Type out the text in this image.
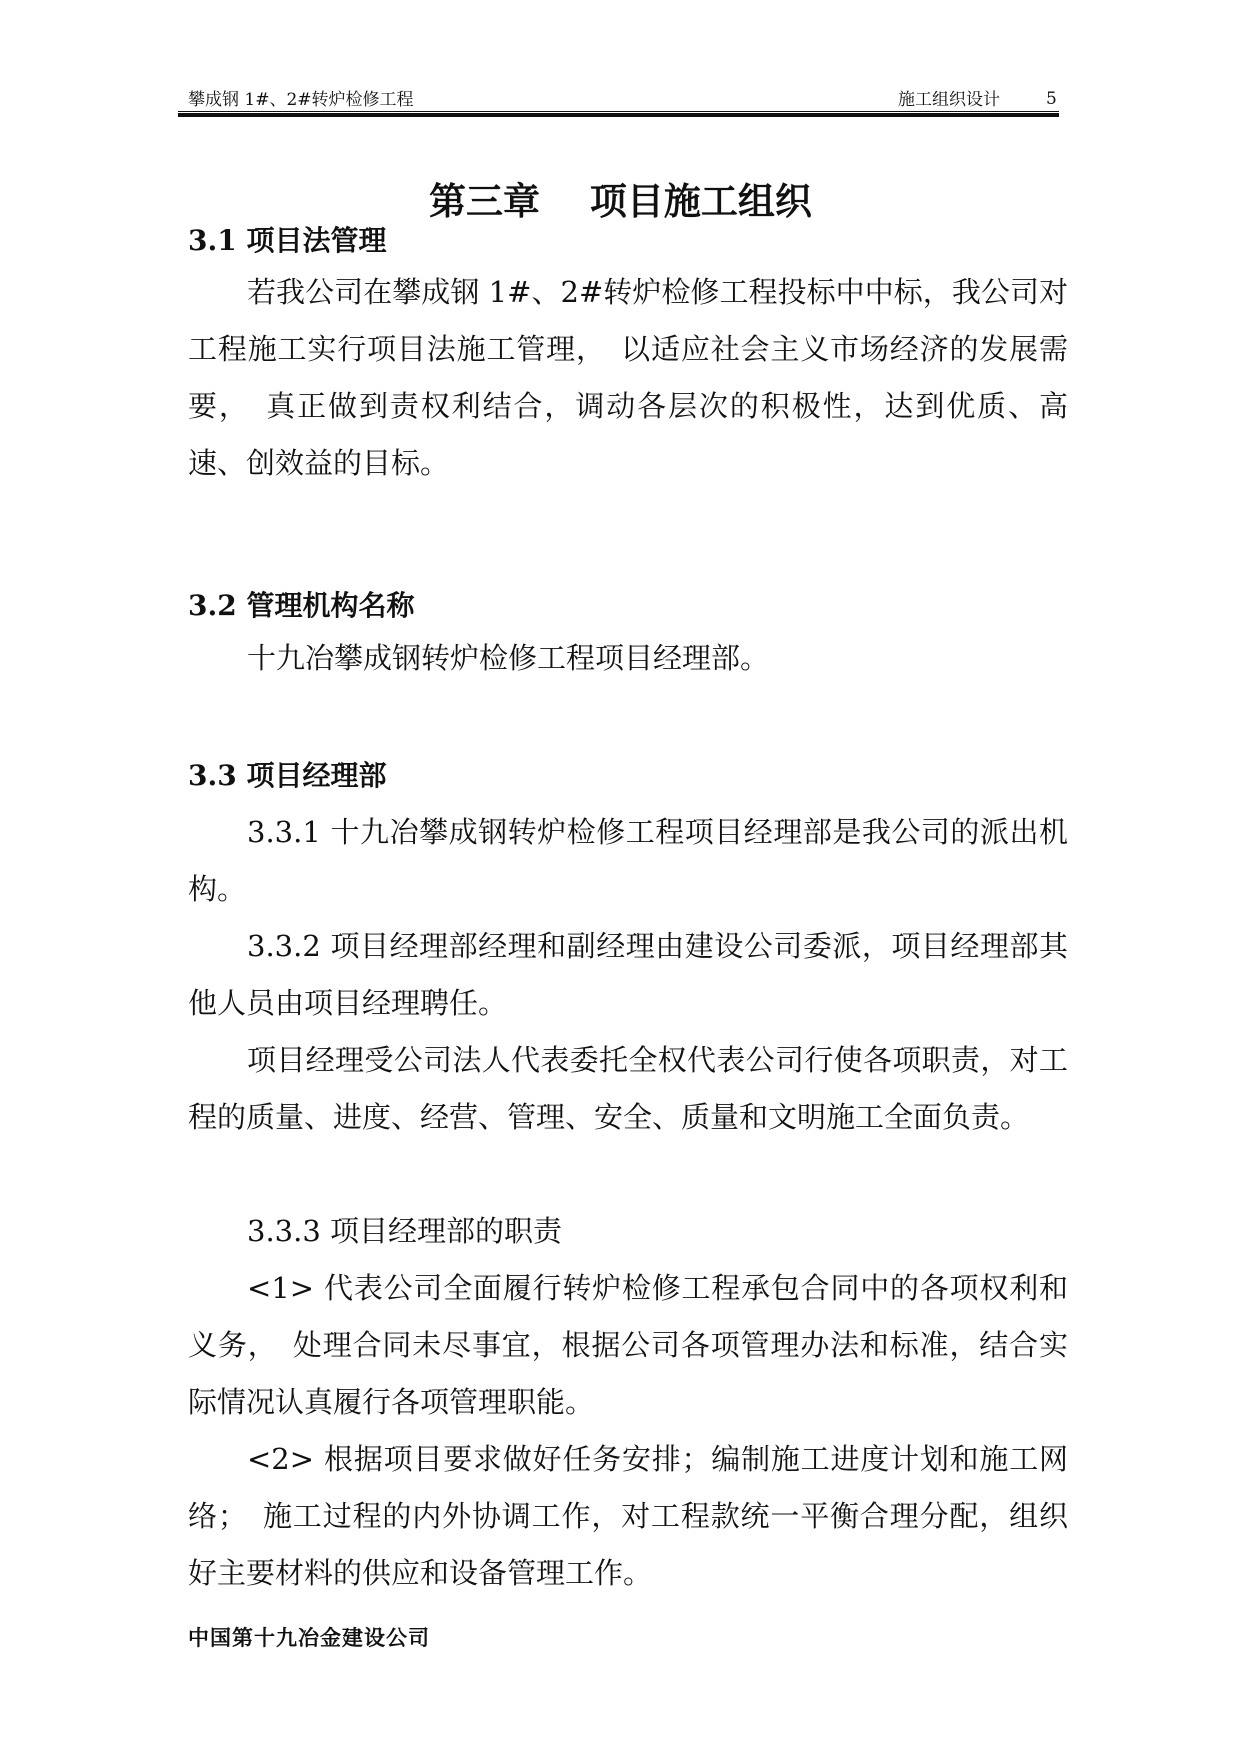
攀成钢 1#、2#转炉检修工程	施工组织设计	5
第三章　 项目施工组织
3.1 项目法管理

若我公司在攀成钢 1#、2#转炉检修工程投标中中标，我公司对工程施工实行项目法施工管理，　以适应社会主义市场经济的发展需要，　真正做到责权利结合，调动各层次的积极性，达到优质、高速、创效益的目标。

3.2 管理机构名称

十九冶攀成钢转炉检修工程项目经理部。

3.3 项目经理部

3.3.1 十九冶攀成钢转炉检修工程项目经理部是我公司的派出机构。

3.3.2 项目经理部经理和副经理由建设公司委派，项目经理部其他人员由项目经理聘任。

项目经理受公司法人代表委托全权代表公司行使各项职责，对工程的质量、进度、经营、管理、安全、质量和文明施工全面负责。

3.3.3 项目经理部的职责

<1> 代表公司全面履行转炉检修工程承包合同中的各项权利和义务，　处理合同未尽事宜，根据公司各项管理办法和标准，结合实际情况认真履行各项管理职能。

<2> 根据项目要求做好任务安排；编制施工进度计划和施工网络；　施工过程的内外协调工作，对工程款统一平衡合理分配，组织好主要材料的供应和设备管理工作。

中国第十九冶金建设公司
